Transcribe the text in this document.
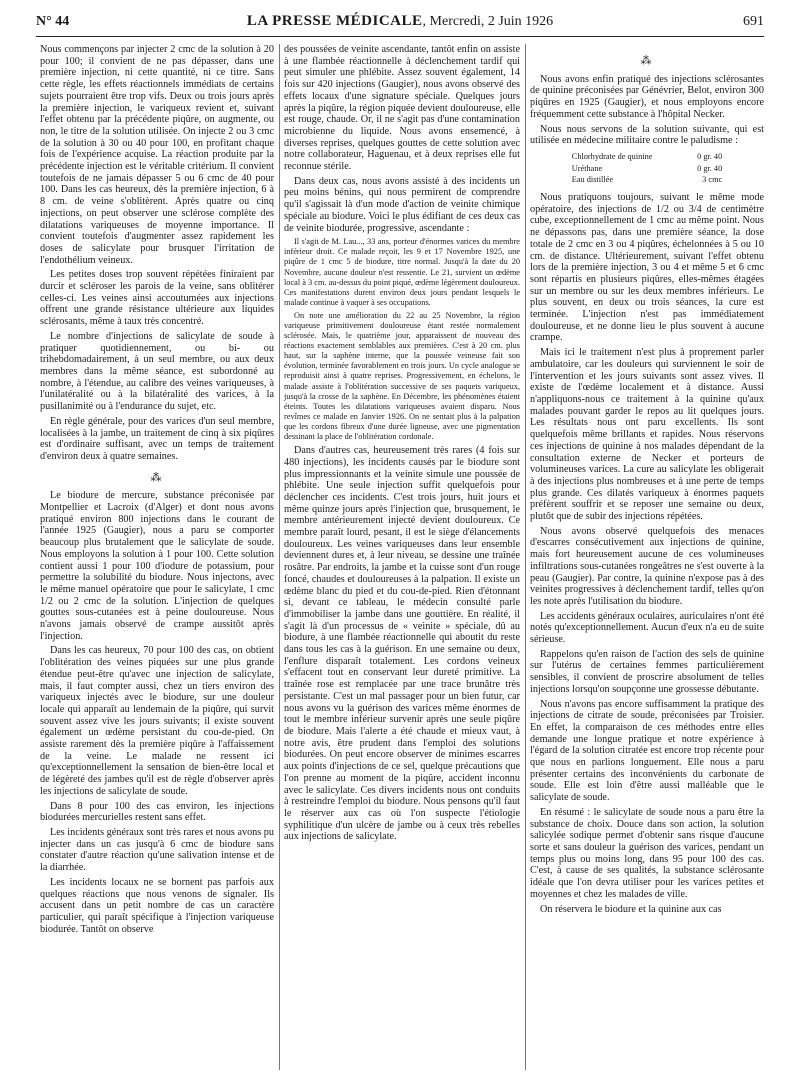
N° 44	LA PRESSE MÉDICALE, Mercredi, 2 Juin 1926	691

Nous commençons par injecter 2 cmc de la solution à 20 pour 100; il convient de ne pas dépasser, dans une première injection, ni cette quantité, ni ce titre. Sans cette règle, les effets réactionnels immédiats de certains sujets pourraient être trop vifs. Deux ou trois jours après la première injection, le variqueux revient et, suivant l'effet obtenu par la précédente piqûre, on augmente, ou non, le titre de la solution utilisée. On injecte 2 ou 3 cmc de la solution à 30 ou 40 pour 100, en profitant chaque fois de l'expérience acquise. La réaction produite par la précédente injection est le véritable critérium. Il convient toutefois de ne jamais dépasser 5 ou 6 cmc de 40 pour 100. Dans les cas heureux, dès la première injection, 6 à 8 cm. de veine s'oblitèrent. Après quatre ou cinq injections, on peut observer une sclérose complète des dilatations variqueuses de moyenne importance. Il convient toutefois d'augmenter assez rapidement les doses de salicylate pour brusquer l'irritation de l'endothélium veineux.

Les petites doses trop souvent répétées finiraient par durcir et scléroser les parois de la veine, sans oblitérer celles-ci. Les veines ainsi accoutumées aux injections offrent une grande résistance ultérieure aux liquides sclérosants, même à taux très concentré.

Le nombre d'injections de salicylate de soude à pratiquer quotidiennement, ou bi- ou trihebdomadairement, à un seul membre, ou aux deux membres dans la même séance, est subordonné au nombre, à l'étendue, au calibre des veines variqueuses, à l'unilatéralité ou à la bilatéralité des varices, à la pusillanimité ou à l'endurance du sujet, etc.

En règle générale, pour des varices d'un seul membre, localisées à la jambe, un traitement de cinq à six piqûres est d'ordinaire suffisant, avec un temps de traitement d'environ deux à quatre semaines.

⁂

Le biodure de mercure, substance préconisée par Montpellier et Lacroix (d'Alger) et dont nous avons pratiqué environ 800 injections dans le courant de l'année 1925 (Gaugier), nous a paru se comporter beaucoup plus brutalement que le salicylate de soude. Nous employons la solution à 1 pour 100. Cette solution contient aussi 1 pour 100 d'iodure de potassium, pour permettre la solubilité du biodure. Nous injectons, avec le même manuel opératoire que pour le salicylate, 1 cmc 1/2 ou 2 cmc de la solution. L'injection de quelques gouttes sous-cutanées est à peine douloureuse. Nous n'avons jamais observé de crampe aussitôt après l'injection.

Dans les cas heureux, 70 pour 100 des cas, on obtient l'oblitération des veines piquées sur une plus grande étendue peut-être qu'avec une injection de salicylate, mais, il faut compter aussi, chez un tiers environ des variqueux injectés avec le biodure, sur une douleur locale qui apparaît au lendemain de la piqûre, qui survit souvent assez vive les jours suivants; il existe souvent également un œdème persistant du cou-de-pied. On assiste rarement dès la première piqûre à l'affaissement de la veine. Le malade ne ressent ici qu'exceptionnellement la sensation de bien-être local et de légèreté des jambes qu'il est de règle d'observer après les injections de salicylate de soude.

Dans 8 pour 100 des cas environ, les injections biodurées mercurielles restent sans effet.

Les incidents généraux sont très rares et nous avons pu injecter dans un cas jusqu'à 6 cmc de biodure sans constater d'autre réaction qu'une salivation intense et de la diarrhée.

Les incidents locaux ne se bornent pas parfois aux quelques réactions que nous venons de signaler. Ils accusent dans un petit nombre de cas un caractère particulier, qui paraît spécifique à l'injection variqueuse biodurée. Tantôt on observe

des poussées de veinite ascendante, tantôt enfin on assiste à une flambée réactionnelle à déclenchement tardif qui peut simuler une phlébite. Assez souvent également, 14 fois sur 420 injections (Gaugier), nous avons observé des effets locaux d'une signature spéciale. Quelques jours après la piqûre, la région piquée devient douloureuse, elle est rouge, chaude. Or, il ne s'agit pas d'une contamination microbienne du liquide. Nous avons ensemencé, à diverses reprises, quelques gouttes de cette solution avec notre collaborateur, Haguenau, et à deux reprises elle fut reconnue stérile.

Dans deux cas, nous avons assisté à des incidents un peu moins bénins, qui nous permirent de comprendre qu'il s'agissait là d'un mode d'action de veinite chimique spéciale au biodure. Voici le plus édifiant de ces deux cas de veinite biodurée, progressive, ascendante :

Il s'agit de M. Lau..., 33 ans, porteur d'énormes varices du membre inférieur droit. Ce malade reçoit, les 9 et 17 Novembre 1925, une piqûre de 1 cmc 5 de biodure, titre normal. Jusqu'à la date du 20 Novembre, aucune douleur n'est ressentie. Le 21, survient un œdème local à 3 cm. au-dessus du point piqué, œdème légèrement douloureux. Ces manifestations durent environ deux jours pendant lesquels le malade continue à vaquer à ses occupations.

On note une amélioration du 22 au 25 Novembre, la région variqueuse primitivement douloureuse étant restée normalement sclérosée. Mais, le quatrième jour, apparaissent de nouveau des réactions exactement semblables aux premières. C'est à 20 cm. plus haut, sur la saphène interne, que la poussée veineuse fait son évolution, terminée favorablement en trois jours. Un cycle analogue se reproduisit ainsi à quatre reprises. Progressivement, en échelons, le malade assiste à l'oblitération successive de ses paquets variqueux, jusqu'à la crosse de la saphène. En Décembre, les phénomènes étaient éteints. Toutes les dilatations variqueuses avaient disparu. Nous revîmes ce malade en Janvier 1926. On ne sentait plus à la palpation que les cordons fibreux d'une durée ligneuse, avec une pigmentation dessinant la place de l'oblitération cordonale.

Dans d'autres cas, heureusement très rares (4 fois sur 480 injections), les incidents causés par le biodure sont plus impressionnants et la veinite simule une poussée de phlébite. Une seule injection suffit quelquefois pour déclencher ces incidents. C'est trois jours, huit jours et même quinze jours après l'injection que, brusquement, le membre antérieurement injecté devient douloureux. Ce membre paraît lourd, pesant, il est le siège d'élancements douloureux. Les veines variqueuses dans leur ensemble deviennent dures et, à leur niveau, se dessine une traînée rosâtre. Par endroits, la jambe et la cuisse sont d'un rouge foncé, chaudes et douloureuses à la palpation. Il existe un œdème blanc du pied et du cou-de-pied. Rien d'étonnant si, devant ce tableau, le médecin consulté parle d'immobiliser la jambe dans une gouttière. En réalité, il s'agit là d'un processus de « veinite » spéciale, dû au biodure, à une flambée réactionnelle qui aboutit du reste dans tous les cas à la guérison. En une semaine ou deux, l'enflure disparaît totalement. Les cordons veineux s'effacent tout en conservant leur dureté primitive. La traînée rose est remplacée par une trace brunâtre très persistante. C'est un mal passager pour un bien futur, car nous avons vu la guérison des varices même énormes de tout le membre inférieur survenir après une seule piqûre de biodure. Mais l'alerte a été chaude et mieux vaut, à notre avis, être prudent dans l'emploi des solutions biodurées. On peut encore observer de minimes escarres aux points d'injections de ce sel, quelque précautions que l'on prenne au moment de la piqûre, accident inconnu avec le salicylate. Ces divers incidents nous ont conduits à restreindre l'emploi du biodure. Nous pensons qu'il faut le réserver aux cas où l'on suspecte l'étiologie syphilitique d'un ulcère de jambe ou à ceux très rebelles aux injections de salicylate.

⁂

Nous avons enfin pratiqué des injections sclérosantes de quinine préconisées par Génévrier, Belot, environ 300 piqûres en 1925 (Gaugier), et nous employons encore fréquemment cette substance à l'hôpital Necker.

Nous nous servons de la solution suivante, qui est utilisée en médecine militaire contre le paludisme :

Chlorhydrate de quinine	0 gr. 40
Uréthane	0 gr. 40
Eau distillée	3 cmc

Nous pratiquons toujours, suivant le même mode opératoire, des injections de 1/2 ou 3/4 de centimètre cube, exceptionnellement de 1 cmc au même point. Nous ne dépassons pas, dans une première séance, la dose totale de 2 cmc en 3 ou 4 piqûres, échelonnées à 5 ou 10 cm. de distance. Ultérieurement, suivant l'effet obtenu lors de la première injection, 3 ou 4 et même 5 et 6 cmc sont répartis en plusieurs piqûres, elles-mêmes étagées sur un membre ou sur les deux membres inférieurs. Le plus souvent, en deux ou trois séances, la cure est terminée. L'injection n'est pas immédiatement douloureuse, et ne donne lieu le plus souvent à aucune crampe.

Mais ici le traitement n'est plus à proprement parler ambulatoire, car les douleurs qui surviennent le soir de l'intervention et les jours suivants sont assez vives. Il existe de l'œdème localement et à distance. Aussi n'appliquons-nous ce traitement à la quinine qu'aux malades pouvant garder le repos au lit quelques jours. Les résultats nous ont paru excellents. Ils sont quelquefois même brillants et rapides. Nous réservons ces injections de quinine à nos malades dépendant de la consultation externe de Necker et porteurs de volumineuses varices. La cure au salicylate les obligerait à des injections plus nombreuses et à une perte de temps plus grande. Ces dilatés variqueux à énormes paquets préfèrent souffrir et se reposer une semaine ou deux, plutôt que de subir des injections répétées.

Nous avons observé quelquefois des menaces d'escarres consécutivement aux injections de quinine, mais fort heureusement aucune de ces volumineuses infiltrations sous-cutanées rongeâtres ne s'est ouverte à la peau (Gaugier). Par contre, la quinine n'expose pas à des veinites progressives à déclenchement tardif, telles qu'on les note après l'utilisation du biodure.

Les accidents généraux oculaires, auriculaires n'ont été notés qu'exceptionnellement. Aucun d'eux n'a eu de suite sérieuse.

Rappelons qu'en raison de l'action des sels de quinine sur l'utérus de certaines femmes particulièrement sensibles, il convient de proscrire absolument de telles injections lorsqu'on soupçonne une grossesse débutante.

Nous n'avons pas encore suffisamment la pratique des injections de citrate de soude, préconisées par Troisier. En effet, la comparaison de ces méthodes entre elles demande une longue pratique et notre expérience à l'égard de la solution citratée est encore trop récente pour que nous en parlions longuement. Elle nous a paru présenter certains des inconvénients du carbonate de soude. Elle est loin d'être aussi malléable que le salicylate de soude.

En résumé : le salicylate de soude nous a paru être la substance de choix. Douce dans son action, la solution salicylée sodique permet d'obtenir sans risque d'aucune sorte et sans douleur la guérison des varices, pendant un temps plus ou moins long, dans 95 pour 100 des cas. C'est, à cause de ses qualités, la substance sclérosante idéale que l'on devra utiliser pour les varices petites et moyennes et chez les malades de ville.

On réservera le biodure et la quinine aux cas
